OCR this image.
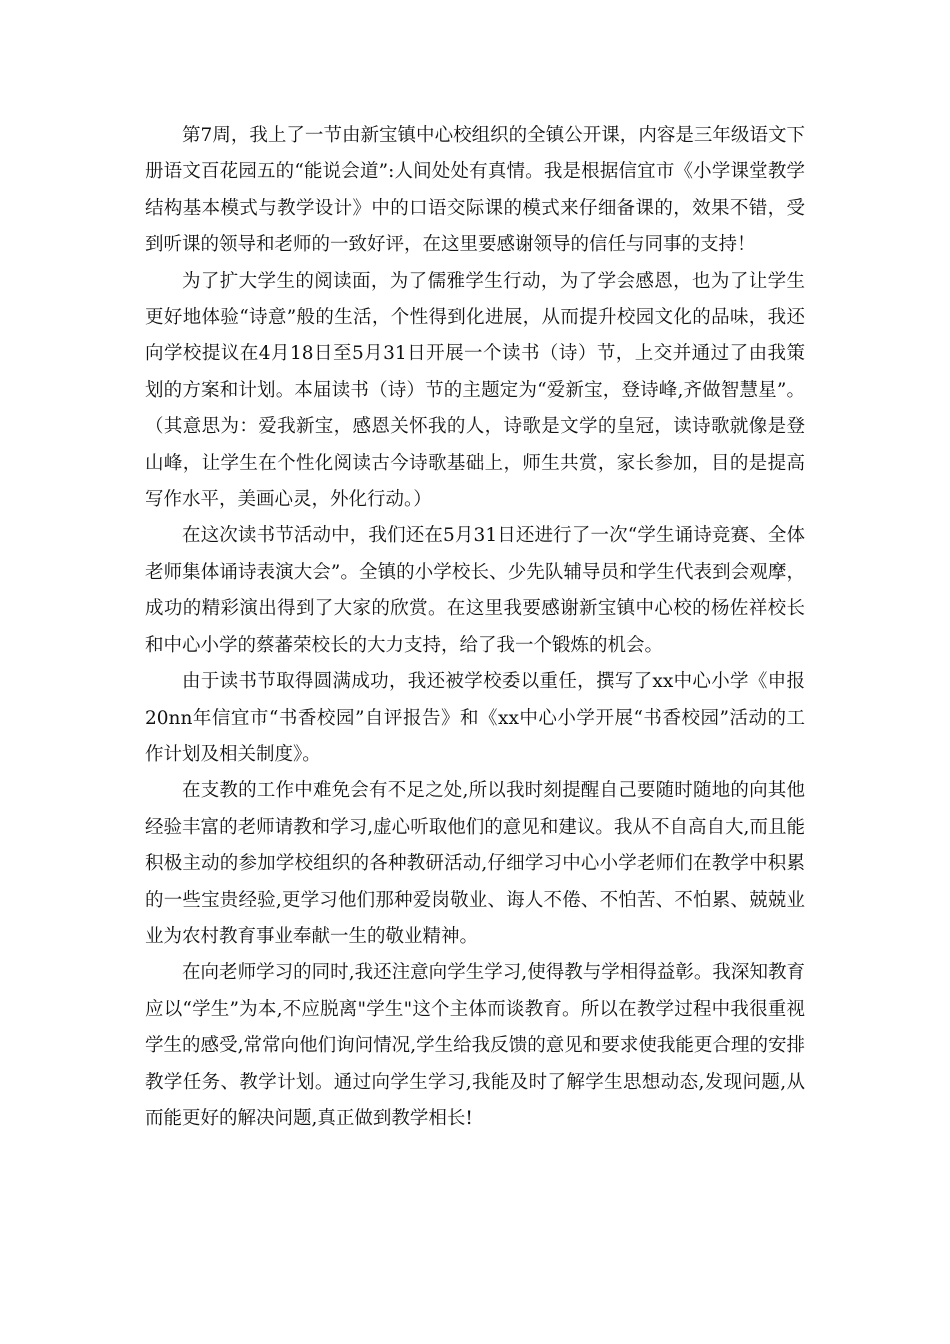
第7周，我上了一节由新宝镇中心校组织的全镇公开课，内容是三年级语文下册语文百花园五的“能说会道”:人间处处有真情。我是根据信宜市《小学课堂教学结构基本模式与教学设计》中的口语交际课的模式来仔细备课的，效果不错，受到听课的领导和老师的一致好评，在这里要感谢领导的信任与同事的支持！

为了扩大学生的阅读面，为了儒雅学生行动，为了学会感恩，也为了让学生更好地体验“诗意”般的生活，个性得到化进展，从而提升校园文化的品味，我还向学校提议在4月18日至5月31日开展一个读书（诗）节，上交并通过了由我策划的方案和计划。本届读书（诗）节的主题定为“爱新宝，登诗峰,齐做智慧星”。（其意思为：爱我新宝，感恩关怀我的人，诗歌是文学的皇冠，读诗歌就像是登山峰，让学生在个性化阅读古今诗歌基础上，师生共赏，家长参加，目的是提高写作水平，美画心灵，外化行动。）

在这次读书节活动中，我们还在5月31日还进行了一次“学生诵诗竞赛、全体老师集体诵诗表演大会”。全镇的小学校长、少先队辅导员和学生代表到会观摩，成功的精彩演出得到了大家的欣赏。在这里我要感谢新宝镇中心校的杨佐祥校长和中心小学的蔡蕃荣校长的大力支持，给了我一个锻炼的机会。

由于读书节取得圆满成功，我还被学校委以重任，撰写了xx中心小学《申报20nn年信宜市“书香校园”自评报告》和《xx中心小学开展“书香校园”活动的工作计划及相关制度》。

在支教的工作中难免会有不足之处,所以我时刻提醒自己要随时随地的向其他经验丰富的老师请教和学习,虚心听取他们的意见和建议。我从不自高自大,而且能积极主动的参加学校组织的各种教研活动,仔细学习中心小学老师们在教学中积累的一些宝贵经验,更学习他们那种爱岗敬业、诲人不倦、不怕苦、不怕累、兢兢业业为农村教育事业奉献一生的敬业精神。

在向老师学习的同时,我还注意向学生学习,使得教与学相得益彰。我深知教育应以“学生”为本,不应脱离"学生"这个主体而谈教育。所以在教学过程中我很重视学生的感受,常常向他们询问情况,学生给我反馈的意见和要求使我能更合理的安排教学任务、教学计划。通过向学生学习,我能及时了解学生思想动态,发现问题,从而能更好的解决问题,真正做到教学相长!
